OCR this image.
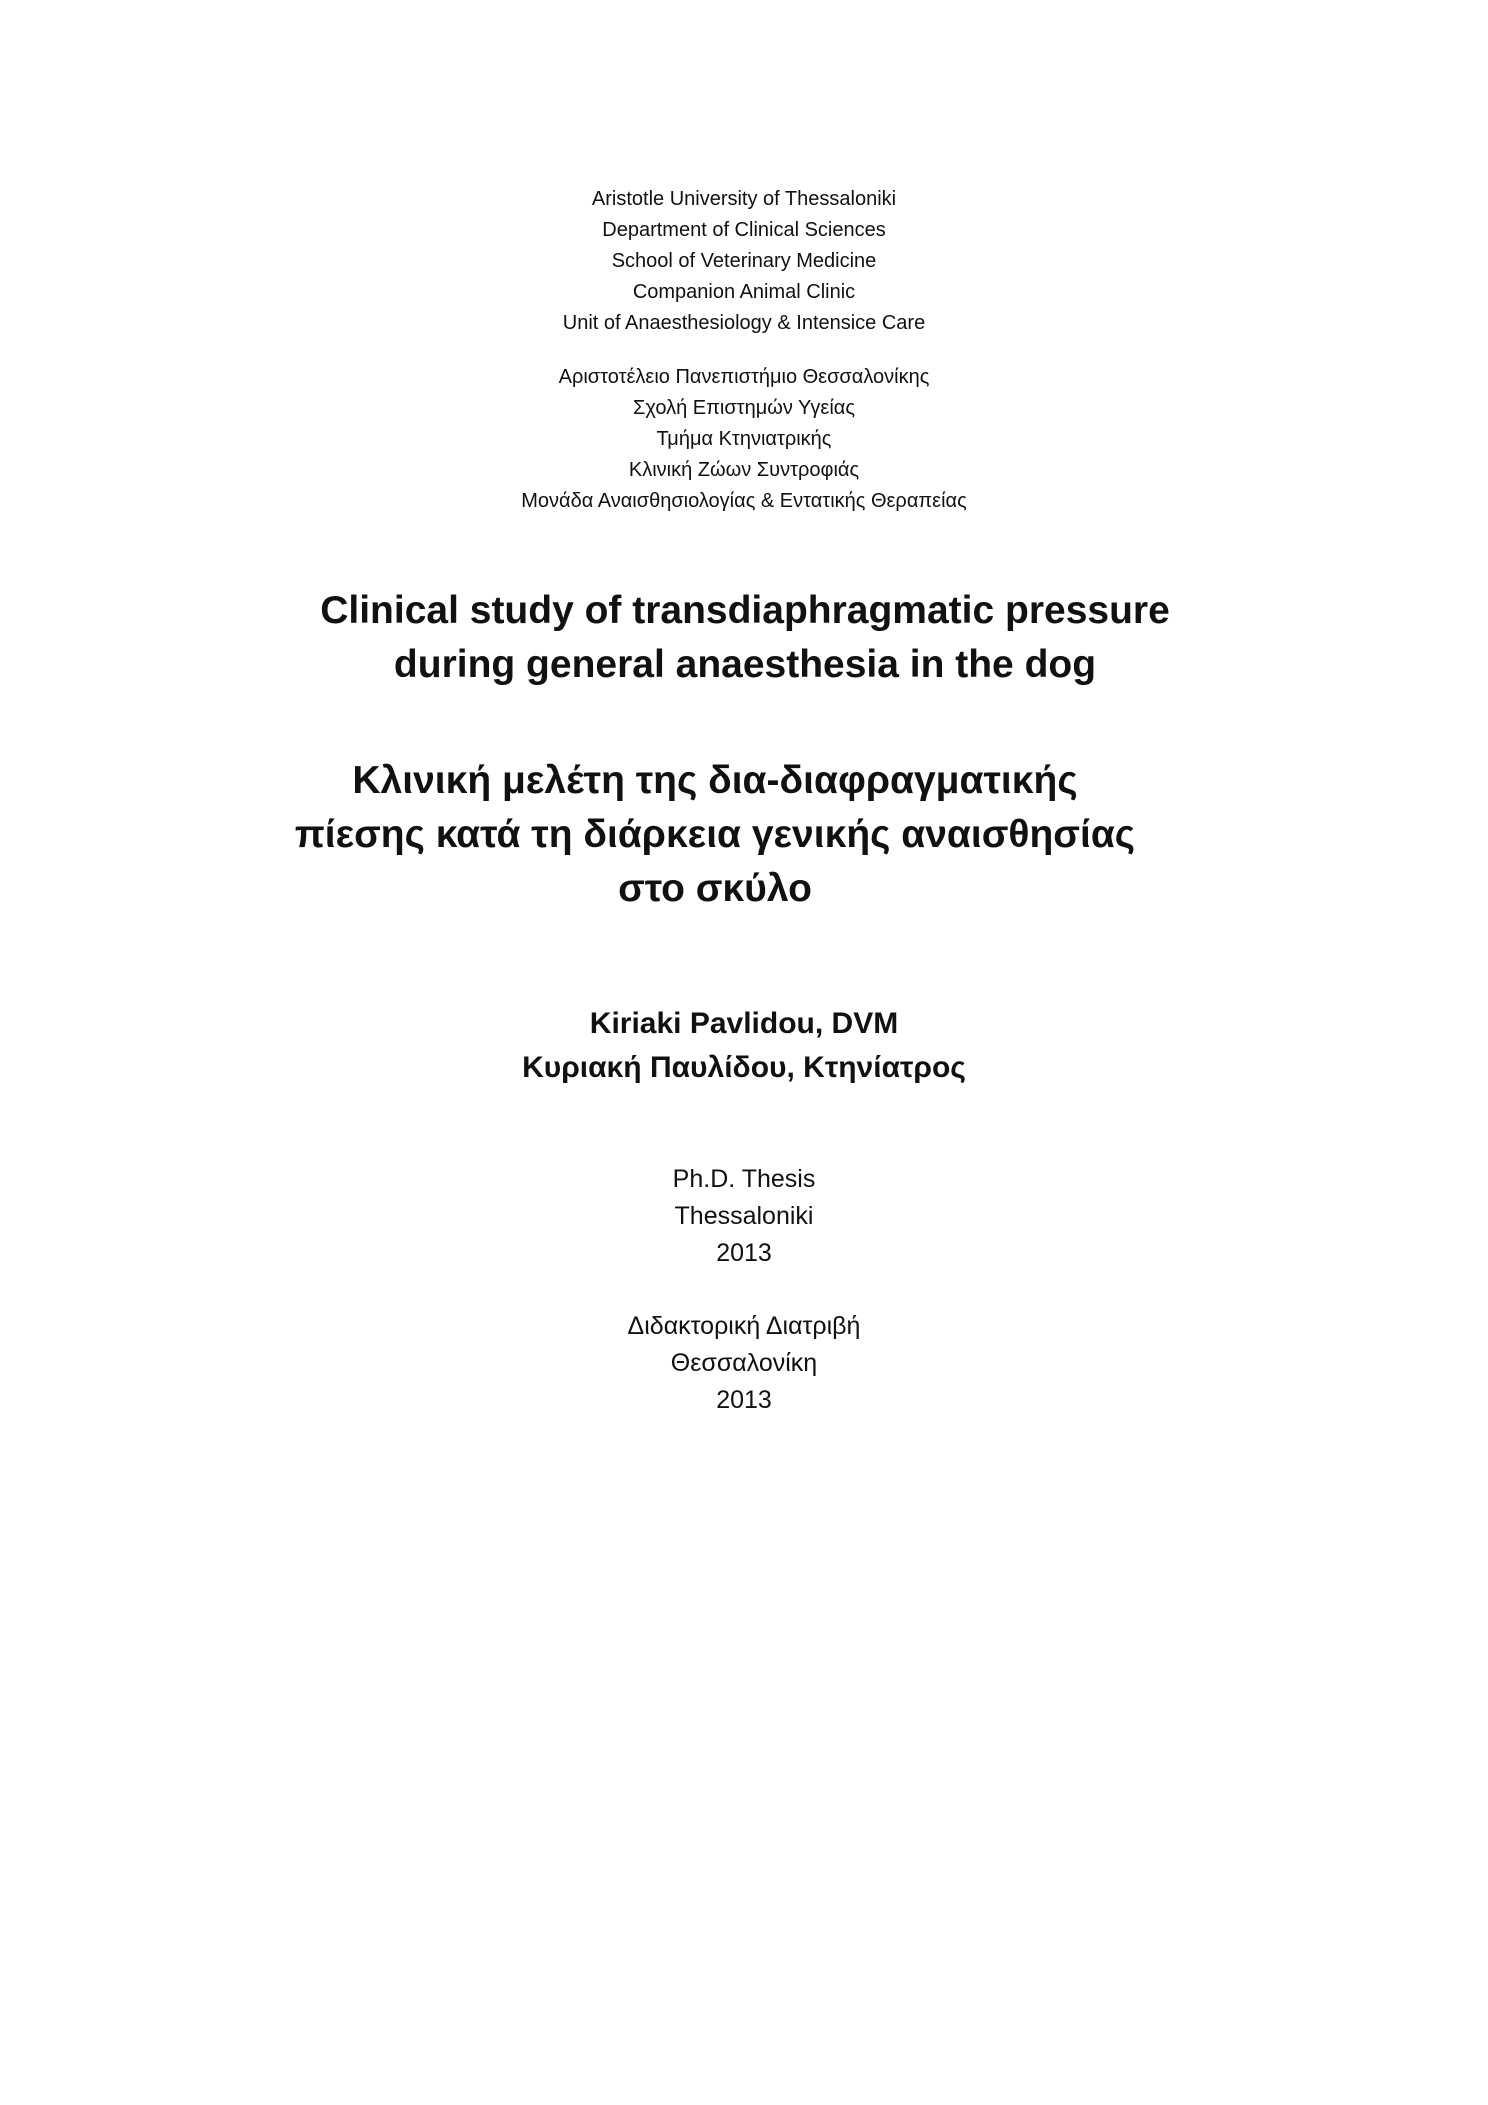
Aristotle University of Thessaloniki
Department of Clinical Sciences
School of Veterinary Medicine
Companion Animal Clinic
Unit of Anaesthesiology & Intensice Care
Αριστοτέλειο Πανεπιστήμιο Θεσσαλονίκης
Σχολή Επιστημών Υγείας
Τμήμα Κτηνιατρικής
Κλινική Ζώων Συντροφιάς
Μονάδα Αναισθησιολογίας & Εντατικής Θεραπείας
Clinical study of transdiaphragmatic pressure
during general anaesthesia in the dog
Κλινική μελέτη της δια-διαφραγματικής
πίεσης κατά τη διάρκεια γενικής αναισθησίας
στο σκύλο
Kiriaki Pavlidou, DVM
Κυριακή Παυλίδου, Κτηνίατρος
Ph.D. Thesis
Thessaloniki
2013
Διδακτορική Διατριβή
Θεσσαλονίκη
2013
